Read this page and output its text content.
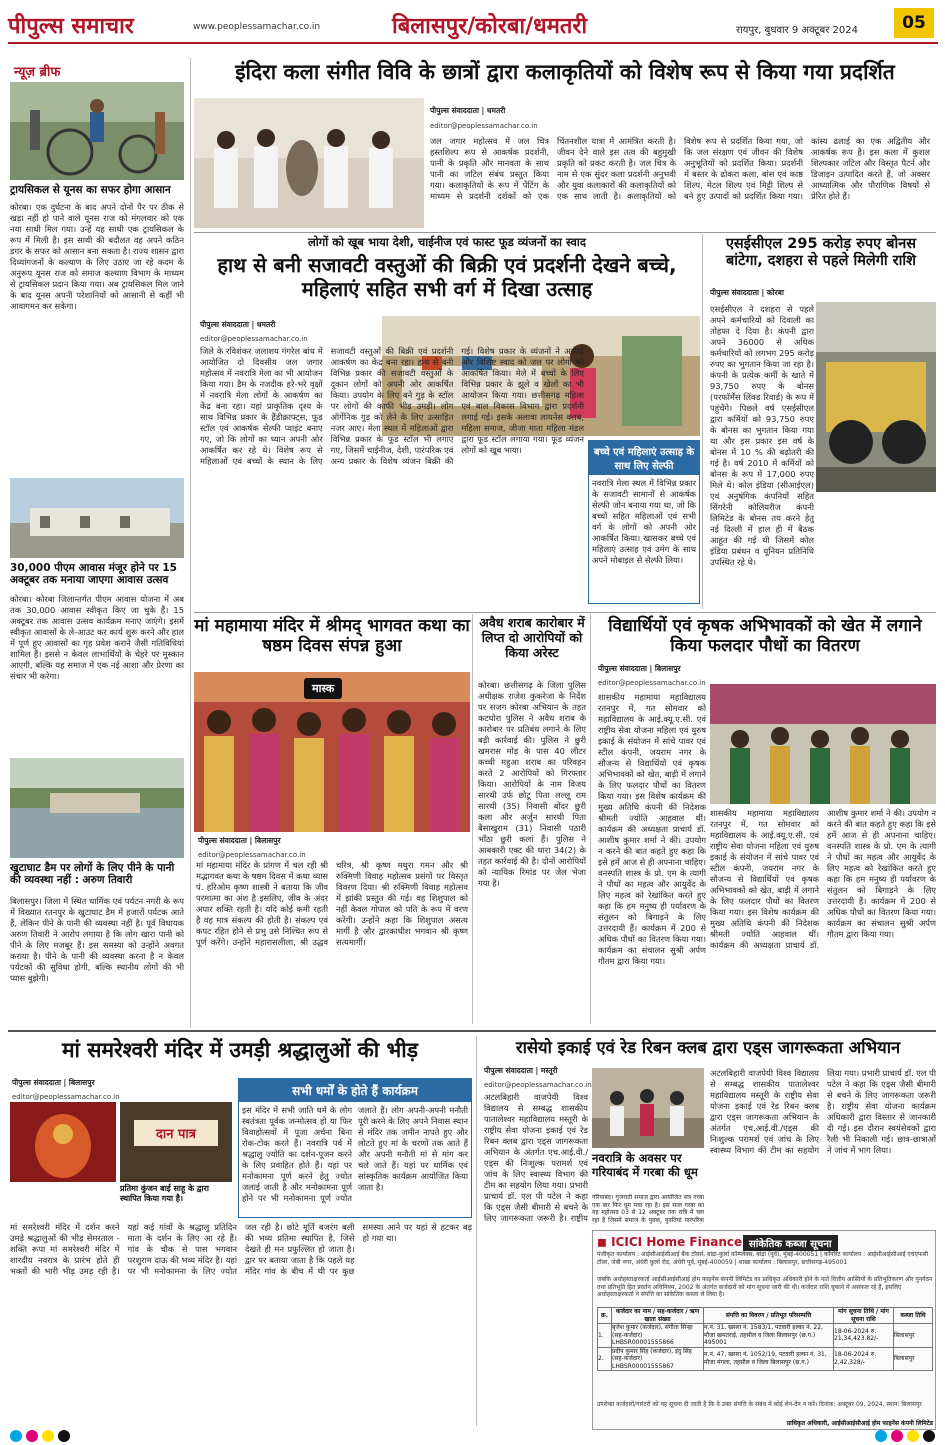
पीपुल्स समाचार	www.peoplessamachar.co.in	बिलासपुर/कोरबा/धमतरी	रायपुर, बुधवार 9 अक्टूबर 2024	05
न्यूज़ ब्रीफ
ट्रायसिकल से यूनस का सफर होगा आसान
कोरबा। एक दुर्घटना के बाद अपने दोनों पैर पर ठीक से खड़ा नहीं हो पाने वाले यूनस राज को मंगलवार को एक नया साथी मिल गया। उन्हें यह साथी एक ट्रायसिकल के रूप में मिली है। इस साथी की बदौलत वह अपने कठिन डगर के सफर को आसान बना सकता है। राज्य शासन द्वारा दिव्यांगजनों के कल्याण के लिए उठाए जा रहे कदम के अनुरूप यूनस राज को समाज कल्याण विभाग के माध्यम से ट्रायसिकल प्रदान किया गया। अब ट्रायसिकल मिल जाने के बाद यूनस अपनी परेशानियों को आसानी से कहीं भी आवागमन कर सकेगा।
30,000 पीएम आवास मंजूर होने पर 15 अक्टूबर तक मनाया जाएगा आवास उत्सव
कोरबा। कोरबा जिलान्तर्गत पीएम आवास योजना में अब तक 30,000 आवास स्वीकृत किए जा चुके हैं। 15 अक्टूबर तक आवास उत्सव कार्यक्रम मनाए जाएंगे। इसमें स्वीकृत आवासों के ले-आउट कर कार्य शुरू करने और हाल में पूर्ण हुए आवासों का गृह प्रवेश कराने जैसी गतिविधियां शामिल हैं। इससे न केवल लाभार्थियों के चेहरे पर मुस्कान आएगी, बल्कि यह समाज में एक नई आशा और प्रेरणा का संचार भी करेगा।
खुटाघाट डैम पर लोगों के लिए पीने के पानी की व्यवस्था नहीं : अरुण तिवारी
बिलासपुर। जिला में स्थित धार्मिक एवं पर्यटन नगरी के रूप में विख्यात रतनपुर के खुटाघाट डैम में हजारों पर्यटक आते हैं, लेकिन पीने के पानी की व्यवस्था नहीं है। पूर्व विधायक अरुण तिवारी ने आरोप लगाया है कि लोग खारा पानी को पीने के लिए मजबूर हैं। इस समस्या को उन्होंने अवगत कराया है। पीने के पानी की व्यवस्था करना है न केवल पर्यटकों की सुविधा होगी, बल्कि स्थानीय लोगों की भी प्यास बुझेगी।
इंदिरा कला संगीत विवि के छात्रों द्वारा कलाकृतियों को विशेष रूप से किया गया प्रदर्शित
पीपुल्स संवाददाता | धमतरी
editor@peoplessamachar.co.in
जल जगार महोत्सव में जल चित्र हस्तशिल्प रूप से आकर्षक प्रदर्शनी, पानी के प्रकृति और मानवता के साथ पानी का जटिल संबंध प्रस्तुत किया गया। कलाकृतियों के रूप में पेंटिंग के माध्यम से प्रदर्शनी दर्शकों को एक चिंतनशील यात्रा में आमंत्रित करती है। जीवन देने वाले इस तत्व की बहुमुखी प्रकृति को प्रकट करती है। जल चित्र के नाम से एक सुंदर कला प्रदर्शनी अनुभवी और युवा कलाकारों की कलाकृतियों को एक साथ लाती है। कलाकृतियों को विशेष रूप से प्रदर्शित किया गया, जो कि जल संरक्षण एवं जीवन की विशेष अनुभूतियों को प्रदर्शित किया। प्रदर्शनी में बस्तर के ढोकरा कला, बांस एवं काष्ठ शिल्प, मेटल शिल्प एवं मिट्टी शिल्प से बने हुए उत्पादों को प्रदर्शित किया गया। कांस्य ढलाई का एक अद्वितीय और आकर्षक रूप है। इस कला में कुशल शिल्पकार जटिल और विस्तृत पैटर्न और डिजाइन उत्पादित करते हैं, जो अक्सर आध्यात्मिक और पौराणिक विषयों से प्रेरित होते हैं।
लोगों को खूब भाया देशी, चाईनीज एवं फास्ट फूड व्यंजनों का स्वाद
हाथ से बनी सजावटी वस्तुओं की बिक्री एवं प्रदर्शनी देखने बच्चे, महिलाएं सहित सभी वर्ग में दिखा उत्साह
पीपुल्स संवाददाता | धमतरी
editor@peoplessamachar.co.in
जिले के रविशंकर जलाशय गंगरेल बांध में आयोजित दो दिवसीय जल जगार महोत्सव में नवरात्रि मेला का भी आयोजन किया गया। डैम के नजदीक हरे-भरे वृक्षों में नवरात्रि मेला लोगों के आकर्षण का केंद्र बना रहा। यहां प्राकृतिक दृश्य के साथ विभिन्न प्रकार के हैंडीक्राफ्ट्स, फूड स्टॉल एवं आकर्षक सेल्फी प्वाइंट बनाए गए, जो कि लोगों का ध्यान अपनी ओर आकर्षित कर रहे थे। विशेष रूप से महिलाओं एवं बच्चों के स्थान के लिए सजावटी वस्तुओं की बिक्री एवं प्रदर्शनी आकर्षण का केंद्र बना रहा। हाथ से बनी विभिन्न प्रकार की सजावटी वस्तुओं के दुकान लोगों को अपनी ओर आकर्षित किया। उपयोग के लिए बने गुड़ के स्टॉल पर लोगों की काफी भीड़ उमड़ी। लोग ऑर्गेनिक गुड़ को लेने के लिए उत्साहित नजर आए। मेला स्थल में महिलाओं द्वारा विभिन्न प्रकार के फूड स्टॉल भी लगाए गए, जिसमें चाईनीज, देशी, पारंपरिक एवं अन्य प्रकार के विशेष व्यंजन बिक्री की गई। विशेष प्रकार के व्यंजनों ने अनोखे और विशिष्ट स्वाद को जल पर लोगों को आकर्षित किया। मेले में बच्चों के लिए विभिन्न प्रकार के झूले व खेलों का भी आयोजन किया गया। छत्तीसगढ़ महिला एवं बाल विकास विभाग द्वारा प्रदर्शनी लगाई गई। इसके अलावा लायनेस क्लब, महिला समाज, जीजा माता महिला मंडल द्वारा फूड स्टॉल लगाया गया। फूड व्यंजन लोगों को खूब भाया।	बच्चे एवं महिलाएं उत्साह के साथ लिए सेल्फी
नवरात्रि मेला स्थल में विभिन्न प्रकार के सजावटी सामानों से आकर्षक सेल्फी जोन बनाया गया था, जो कि बच्चों सहित महिलाओं एवं सभी वर्ग के लोगों को अपनी ओर आकर्षित किया। खासकर बच्चे एवं महिलाएं उत्साह एवं उमंग के साथ अपने मोबाइल से सेल्फी लिया।
एसईसीएल 295 करोड़ रुपए बोनस बांटेगा, दशहरा से पहले मिलेगी राशि
पीपुल्स संवाददाता | कोरबा
एसईसीएल ने दशहरा से पहले अपने कर्मचारियों को दिवाली का तोहफा दे दिया है। कंपनी द्वारा अपने 36000 से अधिक कर्मचारियों को लगभग 295 करोड़ रुपए का भुगतान किया जा रहा है। कंपनी के प्रत्येक कर्मी के खाते में 93,750 रुपए के बोनस (परफॉर्मेंस लिंक्ड रिवार्ड) के रूप में पहुंचेंगे। पिछले वर्ष एसईसीएल द्वारा कर्मियों को 93,750 रुपए के बोनस का भुगतान किया गया था और इस प्रकार इस वर्ष के बोनस में 10 % की बढ़ोतरी की गई है। वर्ष 2010 में कर्मियों को बोनस के रूप में 17,000 रुपए मिले थे। कोल इंडिया (सीआईएल) एवं अनुषंगिक कंपनियों सहित सिंगरेनी कोलियरीज कंपनी लिमिटेड के बोनस तय करने हेतु नई दिल्ली में हाल ही में बैठक आहूत की गई थी जिसमें कोल इंडिया प्रबंधन व यूनियन प्रतिनिधि उपस्थित रहे थे।
मां महामाया मंदिर में श्रीमद् भागवत कथा का षष्ठम दिवस संपन्न हुआ
मास्क
पीपुल्स संवाददाता | बिलासपुर
editor@peoplessamachar.co.in
मां महामाया मंदिर के प्रांगण में चल रही श्री मद्भागवत कथा के षष्ठम दिवस में कथा व्यास पं. हरिओम कृष्ण शास्त्री ने बताया कि जीव परमात्मा का अंश है इसलिए, जीव के अंदर अपार शक्ति रहती है। यदि कोई कमी रहती है वह मात्र संकल्प की होती है। संकल्प एवं कपट रहित होने से प्रभु उसे निश्चित रूप से पूर्ण करेंगे। उन्होंने महारासलीला, श्री उद्धव चरित्र, श्री कृष्ण मथुरा गमन और श्री रुक्मिणी विवाह महोत्सव प्रसंगों पर विस्तृत विवरण दिया। श्री रुक्मिणी विवाह महोत्सव में झांकी प्रस्तुत की गई। वह शिशुपाल को नहीं केवल गोपाल को पति के रूप में वरण करेंगी। उन्होंने कहा कि शिशुपाल असत्य मार्गी है और द्वारकाधीश भगवान श्री कृष्ण सत्यमार्गी।
अवैध शराब कारोबार में लिप्त दो आरोपियों को किया अरेस्ट
कोरबा। छत्तीसगढ़ के जिला पुलिस अधीक्षक राजेश कुकरेजा के निर्देश पर सजग कोरबा अभियान के तहत कटघोरा पुलिस ने अवैध शराब के कारोबार पर प्रतिबंध लगाने के लिए बड़ी कार्रवाई की। पुलिस ने छुरी खमरास मोड़ के पास 40 लीटर कच्ची महुआ शराब का परिवहन करते 2 आरोपियों को गिरफ्तार किया। आरोपियों के नाम विजय सारथी उर्फ छोटू पिता लल्लू राम सारथी (35) निवासी बोंदर छुरी कला और अर्जुन सारथी पिता बैसाखुराम (31) निवासी पठारी भाँठा छुरी कलां हैं। पुलिस ने आबकारी एक्ट की धारा 34(2) के तहत कार्रवाई की है। दोनों आरोपियों को न्यायिक रिमांड पर जेल भेजा गया है।
विद्यार्थियों एवं कृषक अभिभावकों को खेत में लगाने किया फलदार पौधों का वितरण
पीपुल्स संवाददाता | बिलासपुर
editor@peoplessamachar.co.in
शासकीय महामाया महाविद्यालय रतनपुर में, गत सोमवार को महाविद्यालय के आई.क्यू.ए.सी. एवं राष्ट्रीय सेवा योजना महिला एवं युरुष इकाई के संयोजन में सांचे पावर एवं स्टील कंपनी, जयराम नगर के सौजन्य से विद्यार्थियों एवं कृषक अभिभावकों को खेत, बाड़ी में लगाने के लिए फलदार पौधों का वितरण किया गया। इस विशेष कार्यक्रम की मुख्य अतिथि कंपनी की निदेशक श्रीमती ज्योति आहवाल थीं। कार्यक्रम की अध्यक्षता प्राचार्य डॉ. आशीष कुमार शर्मा ने की। उपयोग न करने की बात कहते हुए कहा कि इसे हमें आज से ही अपनाना चाहिए। वनस्पति शास्त्र के प्रो. एम के त्यागी ने पौधों का महत्व और आयुर्वेद के लिए महत्व को रेखांकित करते हुए कहा कि हम मनुष्य ही पर्यावरण के संतुलन को बिगाड़ने के लिए उत्तरदायी हैं। कार्यक्रम में 200 से अधिक पौधों का वितरण किया गया। कार्यक्रम का संचालन सुश्री अर्पण गौतम द्वारा किया गया।
शासकीय महामाया महाविद्यालय रतनपुर में, गत सोमवार को महाविद्यालय के आई.क्यू.ए.सी. एवं राष्ट्रीय सेवा योजना महिला एवं युरुष इकाई के संयोजन में सांचे पावर एवं स्टील कंपनी, जयराम नगर के सौजन्य से विद्यार्थियों एवं कृषक अभिभावकों को खेत, बाड़ी में लगाने के लिए फलदार पौधों का वितरण किया गया। इस विशेष कार्यक्रम की मुख्य अतिथि कंपनी की निदेशक श्रीमती ज्योति आहवाल थीं। कार्यक्रम की अध्यक्षता प्राचार्य डॉ. आशीष कुमार शर्मा ने की। उपयोग न करने की बात कहते हुए कहा कि इसे हमें आज से ही अपनाना चाहिए। वनस्पति शास्त्र के प्रो. एम के त्यागी ने पौधों का महत्व और आयुर्वेद के लिए महत्व को रेखांकित करते हुए कहा कि हम मनुष्य ही पर्यावरण के संतुलन को बिगाड़ने के लिए उत्तरदायी हैं। कार्यक्रम में 200 से अधिक पौधों का वितरण किया गया। कार्यक्रम का संचालन सुश्री अर्पण गौतम द्वारा किया गया।
मां समरेश्वरी मंदिर में उमड़ी श्रद्धालुओं की भीड़
पीपुल्स संवाददाता | बिलासपुर
editor@peoplessamachar.co.in
दान पात्र
प्रतिमा कुंजन बाई साहू के द्वारा स्थापित किया गया है।
सभी धर्मों के होते हैं कार्यक्रम
इस मंदिर में सभी जाति धर्म के लोग स्वतंत्रता पूर्वक जन्मोत्सव हो या फिर विवाहोत्सवों में पूजा अर्चना बिना रोक-टोक करते हैं। नवरात्रि पर्व में श्रद्धालु ज्योति का दर्शन-पूजन करने के लिए प्रवाहित होते हैं। यहां पर मनोकामना पूर्ण करने हेतु ज्योत जलाई जाती है और मनोकामना पूर्ण होने पर भी मनोकामना पूर्ण ज्योत जलाते हैं। लोग अपनी-अपनी मनौती पूरी करने के लिए अपने निवास स्थान से मंदिर तक जमीन नापते हुए और लोटते हुए मां के चरणों तक आते हैं और अपनी मनौती मां से मांग कर चले जाते हैं। यहां पर धार्मिक एवं सांस्कृतिक कार्यक्रम आयोजित किया जाता है।
मां समरेश्वरी मंदिर में दर्शन करने उमड़े श्रद्धालुओं की भीड़ सेमरताल - शक्ति रूपा मां समरेश्वरी मंदिर में शारदीय नवरात्र के प्रारंभ होते ही भक्तों की भारी भीड़ उमड़ रही है। यहां कई गांवों के श्रद्धालु प्रतिदिन माता के दर्शन के लिए आ रहे हैं। गांव के चौक से पास भगवान परशुराम दाऊ की भव्य मंदिर है। यहां पर भी मनोकामना के लिए ज्योत जल रही है। छोटे मूर्ति बजरंग बली की भव्य प्रतिमा स्थापित है, जिसे देखते ही मन प्रफुल्लित हो जाता है। द्वार पर बताया जाता है कि पहले यह मंदिर गांव के बीच में थी पर कुछ समस्या आने पर यहां से हटकर बड़ हो गया था।
रासेयो इकाई एवं रेड रिबन क्लब द्वारा एड्स जागरूकता अभियान
पीपुल्स संवाददाता | मस्तूरी
editor@peoplessamachar.co.in
अटलबिहारी वाजपेयी विश्व विद्यालय से सम्बद्ध शासकीय पातालेश्वर महाविद्यालय मस्तूरी के राष्ट्रीय सेवा योजना इकाई एवं रेड रिबन क्लब द्वारा एड्स जागरूकता अभियान के अंतर्गत एच.आई.वी./एड्स की निःशुल्क परामर्श एवं जांच के लिए स्वास्थ्य विभाग की टीम का सहयोग लिया गया। प्रभारी प्राचार्य डॉ. एल पी पटेल ने कहा कि एड्स जैसी बीमारी से बचने के लिए जागरूकता जरूरी है। राष्ट्रीय
अटलबिहारी वाजपेयी विश्व विद्यालय से सम्बद्ध शासकीय पातालेश्वर महाविद्यालय मस्तूरी के राष्ट्रीय सेवा योजना इकाई एवं रेड रिबन क्लब द्वारा एड्स जागरूकता अभियान के अंतर्गत एच.आई.वी./एड्स की निःशुल्क परामर्श एवं जांच के लिए स्वास्थ्य विभाग की टीम का सहयोग लिया गया। प्रभारी प्राचार्य डॉ. एल पी पटेल ने कहा कि एड्स जैसी बीमारी से बचने के लिए जागरूकता जरूरी है। राष्ट्रीय सेवा योजना कार्यक्रम अधिकारी द्वारा विस्तार से जानकारी दी गई। इस दौरान स्वयंसेवकों द्वारा रैली भी निकाली गई। छात्र-छात्राओं ने जांच में भाग लिया।
नवरात्रि के अवसर पर गरियाबंद में गरबा की धूम
गरियाबंद। गुजराती समाज द्वारा आयोजित सत्र गरबा एक बार फिर धूम मचा रहा है। इस साल गरबा का यह महोत्सव 03 से 12 अक्टूबर तक रात्रि में चल रहा है जिसमें समाज के युवक, युवतियां पारंपरिक
◼ ICICI Home Finance सांकेतिक कब्जा सूचना
पंजीकृत कार्यालय : आईसीआईसीआई बैंक टॉवर्स, बांद्रा-कुर्ला कॉम्प्लेक्स, बांद्रा (पूर्व), मुंबई-400051 | कॉर्पोरेट कार्यालय : आईसीआईसीआई एचएफसी टॉवर, जेबी नगर, अंधेरी कुर्ला रोड, अंधेरी पूर्व, मुंबई-400059 | शाखा कार्यालय : बिलासपुर, छत्तीसगढ़-495001
जबकि अधोहस्ताक्षरकर्ता आईसीआईसीआई होम फाइनेंस कंपनी लिमिटेड का प्राधिकृत अधिकारी होने के नाते वित्तीय आस्तियों के प्रतिभूतिकरण और पुनर्गठन तथा प्रतिभूति हित प्रवर्तन अधिनियम, 2002 के अंतर्गत कर्जदारों को मांग सूचना जारी की थी। कर्जदार राशि चुकाने में असफल रहे हैं, इसलिए अधोहस्ताक्षरकर्ता ने संपत्ति का सांकेतिक कब्जा ले लिया है।
क्र.	कर्जदार का नाम / सह-कर्जदार / ऋण खाता संख्या	संपत्ति का विवरण / प्रतिभूत परिसम्पत्ति	मांग सूचना तिथि / मांग सूचना राशि	कब्जा तिथि
1.	बृजेश कुमार (कर्जदार), संगीता सिन्हा (सह-कर्जदार) LHBSR00001555866	म.नं. 31, खसरा नं. 1583/1, पटवारी हल्का नं. 22, मौजा खमतराई, तहसील व जिला बिलासपुर (छ.ग.) 495001	18-06-2024 रु. 21,34,423.82/-	बिलासपुर
2.	प्रदीप कुमार सिंह (कर्जदार), इंदु सिंह (सह-कर्जदार) LHBSR00001555867	म.नं. 47, खसरा नं. 1052/19, पटवारी हल्का नं. 31, मौजा मंगला, तहसील व जिला बिलासपुर (छ.ग.)	18-06-2024 रु. 2,42,328/-	बिलासपुर
उपरोक्त कर्जदारों/गारंटरों को यह सूचना दी जाती है कि वे उक्त संपत्ति के संबंध में कोई लेन-देन न करें। दिनांक: अक्टूबर 09, 2024, स्थान: बिलासपुर
प्राधिकृत अधिकारी, आईसीआईसीआई होम फाइनेंस कंपनी लिमिटेड
